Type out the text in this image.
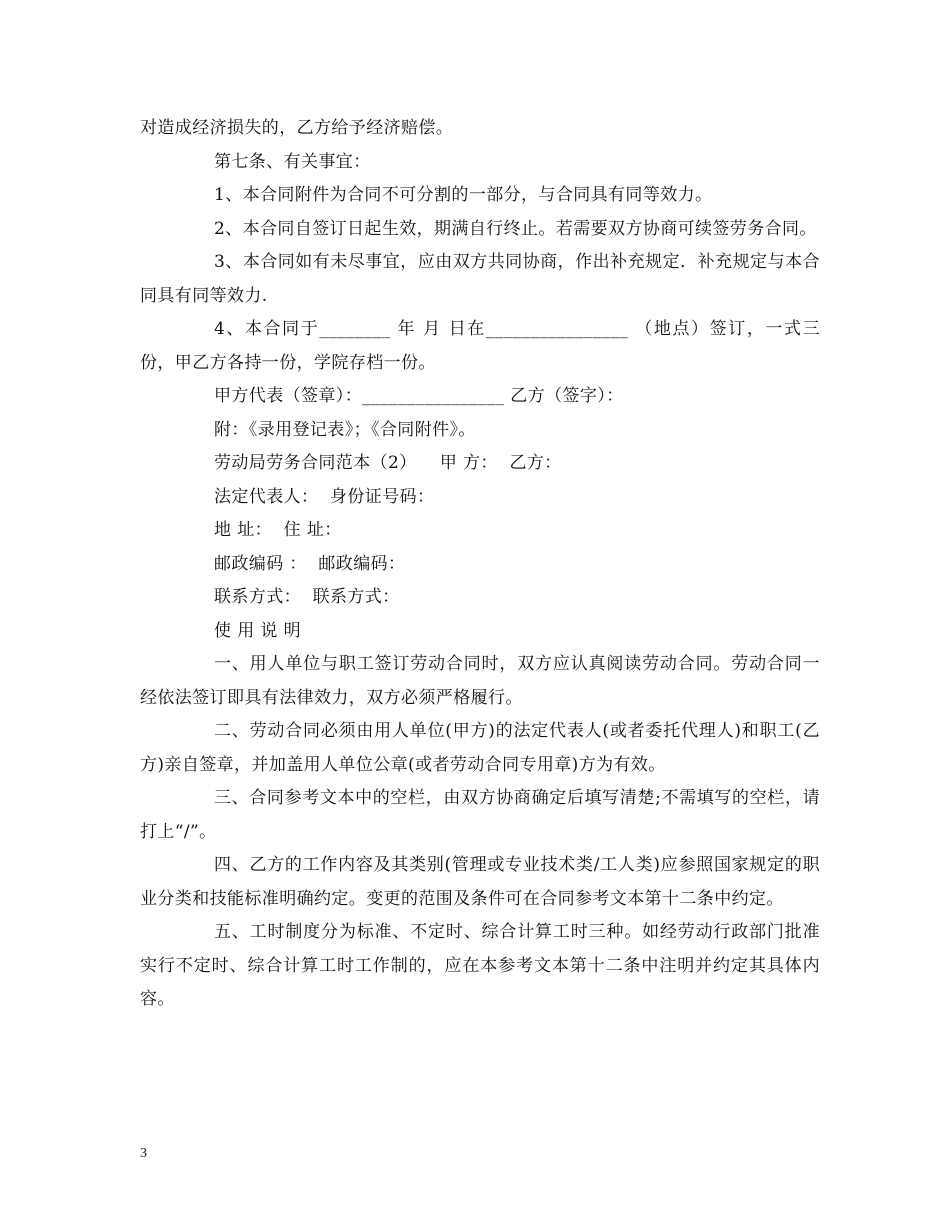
对造成经济损失的，乙方给予经济赔偿。

第七条、有关事宜：

1、本合同附件为合同不可分割的一部分，与合同具有同等效力。

2、本合同自签订日起生效，期满自行终止。若需要双方协商可续签劳务合同。

3、本合同如有未尽事宜，应由双方共同协商，作出补充规定．补充规定与本合同具有同等效力.

4、本合同于________ 年 月 日在________________ （地点）签订，一式三份，甲乙方各持一份，学院存档一份。

甲方代表（签章）：________________ 乙方（签字）：

附：《录用登记表》；《合同附件》。

劳动局劳务合同范本（2）    甲 方：  乙方：

法定代表人：  身份证号码：

地 址：  住 址：

邮政编码 ：  邮政编码：

联系方式：  联系方式：

使 用 说 明

一、用人单位与职工签订劳动合同时，双方应认真阅读劳动合同。劳动合同一经依法签订即具有法律效力，双方必须严格履行。

二、劳动合同必须由用人单位(甲方)的法定代表人(或者委托代理人)和职工(乙方)亲自签章，并加盖用人单位公章(或者劳动合同专用章)方为有效。

三、合同参考文本中的空栏，由双方协商确定后填写清楚;不需填写的空栏，请打上“/”。

四、乙方的工作内容及其类别(管理或专业技术类/工人类)应参照国家规定的职业分类和技能标准明确约定。变更的范围及条件可在合同参考文本第十二条中约定。

五、工时制度分为标准、不定时、综合计算工时三种。如经劳动行政部门批准实行不定时、综合计算工时工作制的，应在本参考文本第十二条中注明并约定其具体内容。

3
